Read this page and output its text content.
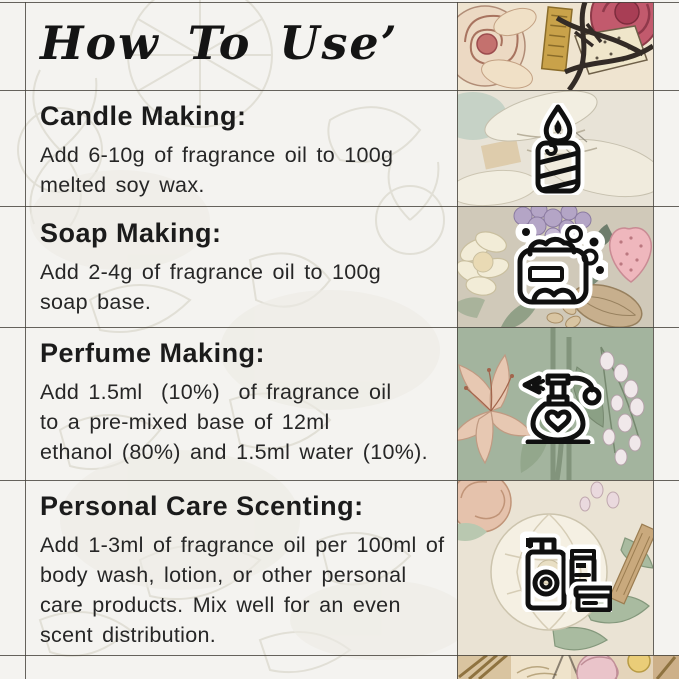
How To Use’
Candle Making:

Add 6-10g of fragrance oil to 100g
melted soy wax.

Soap Making:

Add 2-4g of fragrance oil to 100g
soap base.

Perfume Making:

Add 1.5ml  (10%)  of fragrance oil
to a pre-mixed base of 12ml
ethanol (80%) and 1.5ml water (10%).

Personal Care Scenting:

Add 1-3ml of fragrance oil per 100ml of
body wash, lotion, or other personal
care products. Mix well for an even
scent distribution.
